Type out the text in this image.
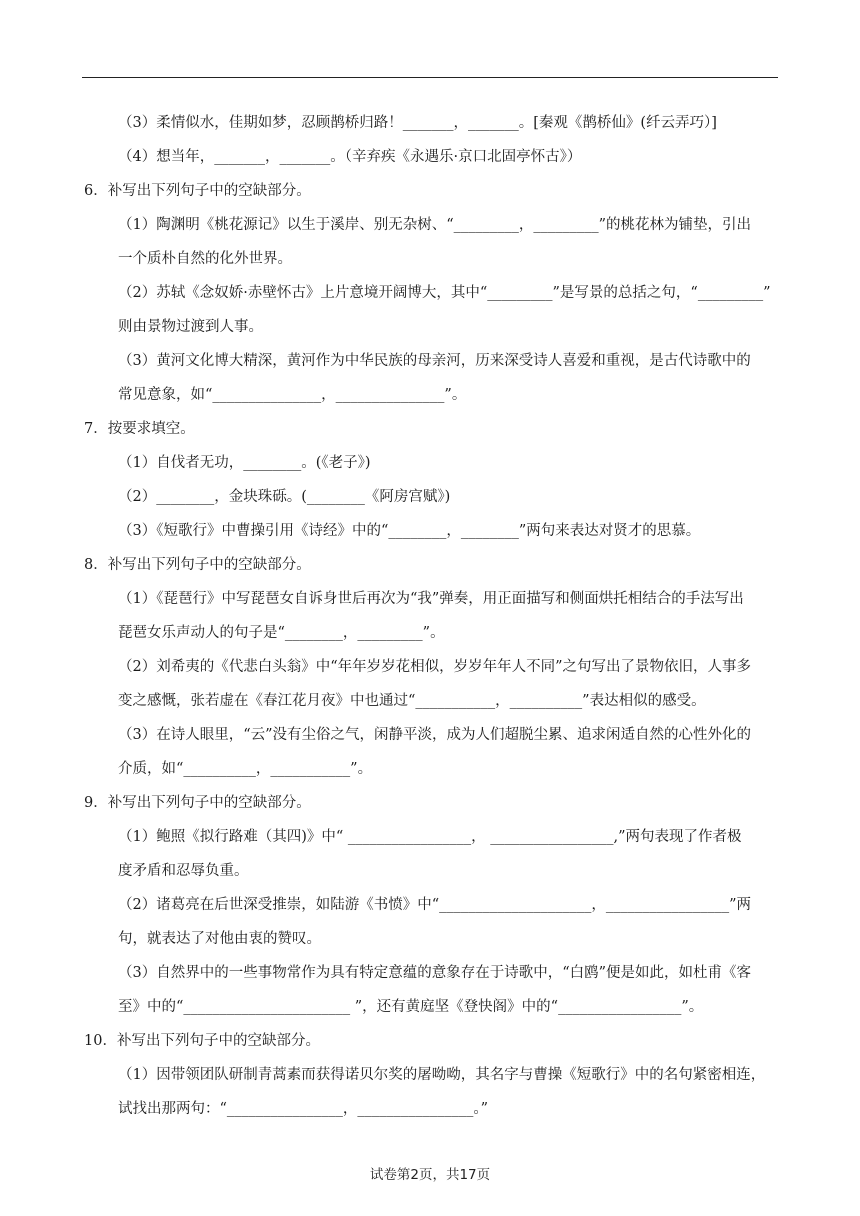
（3）柔情似水，佳期如梦，忍顾鹊桥归路！_______，_______。[秦观《鹊桥仙》(纤云弄巧）]
（4）想当年，_______，_______。（辛弃疾《永遇乐·京口北固亭怀古》）
6．补写出下列句子中的空缺部分。
（1）陶渊明《桃花源记》以生于溪岸、别无杂树、“_________，_________”的桃花林为铺垫，引出
一个质朴自然的化外世界。
（2）苏轼《念奴娇·赤壁怀古》上片意境开阔博大，其中“_________”是写景的总括之句，“_________”
则由景物过渡到人事。
（3）黄河文化博大精深，黄河作为中华民族的母亲河，历来深受诗人喜爱和重视，是古代诗歌中的
常见意象，如“_______________，_______________”。
7．按要求填空。
（1）自伐者无功，________。(《老子》)
（2）________，金块珠砾。(________《阿房宫赋》)
（3）《短歌行》中曹操引用《诗经》中的“________，________”两句来表达对贤才的思慕。
8．补写出下列句子中的空缺部分。
（1）《琵琶行》中写琵琶女自诉身世后再次为“我”弹奏，用正面描写和侧面烘托相结合的手法写出
琵琶女乐声动人的句子是“________，_________”。
（2）刘希夷的《代悲白头翁》中“年年岁岁花相似，岁岁年年人不同”之句写出了景物依旧，人事多
变之感慨，张若虚在《春江花月夜》中也通过“___________，__________”表达相似的感受。
（3）在诗人眼里，“云”没有尘俗之气，闲静平淡，成为人们超脱尘累、追求闲适自然的心性外化的
介质，如“__________，___________”。
9．补写出下列句子中的空缺部分。
（1）鲍照《拟行路难（其四)》中“ _________________， _________________,”两句表现了作者极
度矛盾和忍辱负重。
（2）诸葛亮在后世深受推崇，如陆游《书愤》中“_____________________，_________________”两
句，就表达了对他由衷的赞叹。
（3）自然界中的一些事物常作为具有特定意蕴的意象存在于诗歌中，“白鸥”便是如此，如杜甫《客
至》中的“_______________________ ”，还有黄庭坚《登快阁》中的“_________________”。
10．补写出下列句子中的空缺部分。
（1）因带领团队研制青蒿素而获得诺贝尔奖的屠呦呦，其名字与曹操《短歌行》中的名句紧密相连，
试找出那两句：“________________，________________。”
试卷第2页，共17页
